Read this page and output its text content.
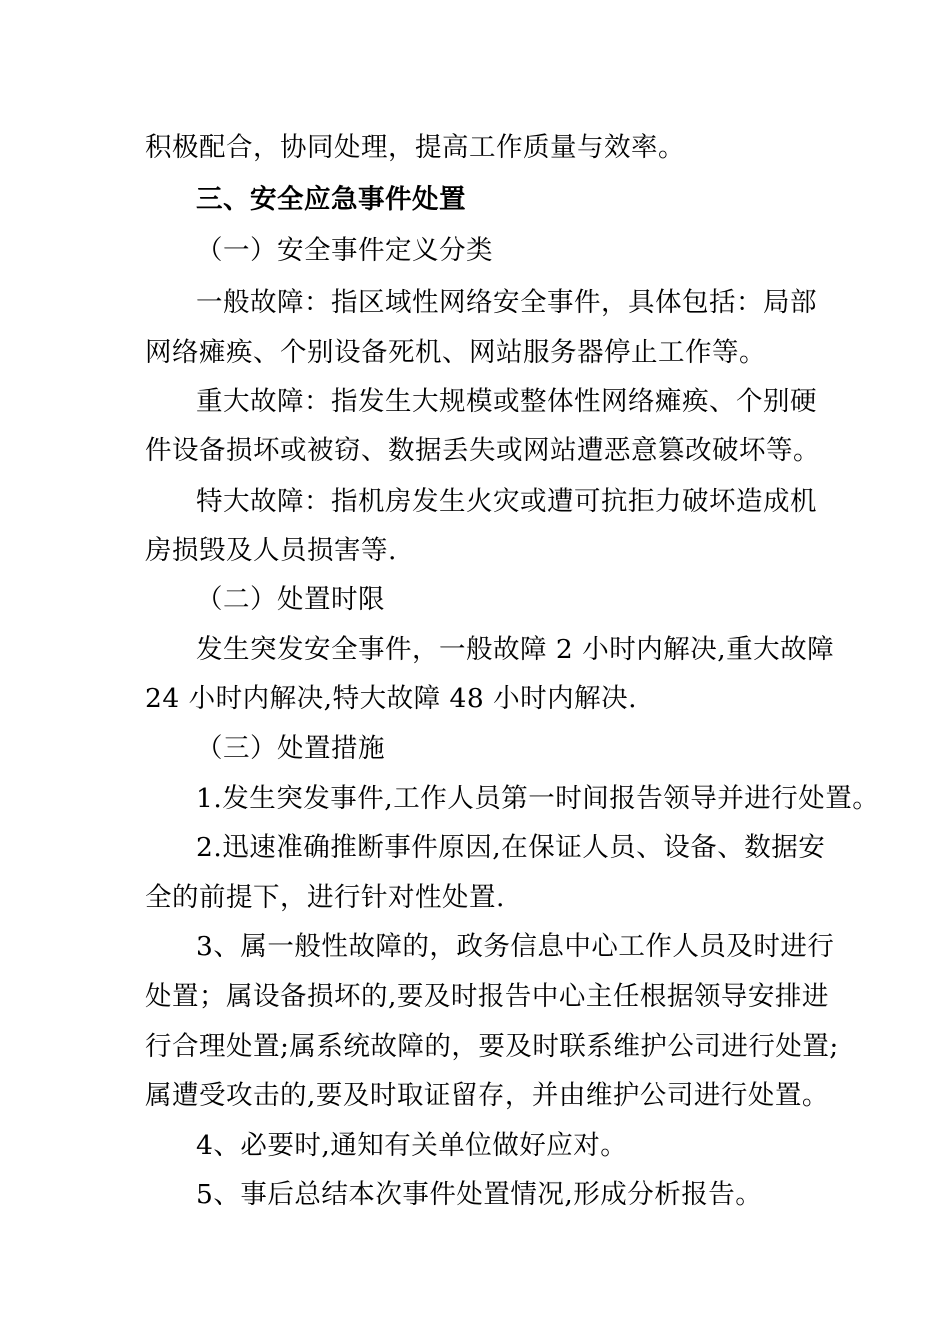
积极配合，协同处理，提高工作质量与效率。
三、安全应急事件处置
（一）安全事件定义分类
一般故障：指区域性网络安全事件，具体包括：局部
网络瘫痪、个别设备死机、网站服务器停止工作等。
重大故障：指发生大规模或整体性网络瘫痪、个别硬
件设备损坏或被窃、数据丢失或网站遭恶意篡改破坏等。
特大故障：指机房发生火灾或遭可抗拒力破坏造成机
房损毁及人员损害等.
（二）处置时限
发生突发安全事件，一般故障 2 小时内解决,重大故障
24 小时内解决,特大故障 48 小时内解决.
（三）处置措施
1.发生突发事件,工作人员第一时间报告领导并进行处置。
2.迅速准确推断事件原因,在保证人员、设备、数据安
全的前提下，进行针对性处置.
3、属一般性故障的，政务信息中心工作人员及时进行
处置；属设备损坏的,要及时报告中心主任根据领导安排进
行合理处置;属系统故障的，要及时联系维护公司进行处置;
属遭受攻击的,要及时取证留存，并由维护公司进行处置。
4、必要时,通知有关单位做好应对。
5、事后总结本次事件处置情况,形成分析报告。
